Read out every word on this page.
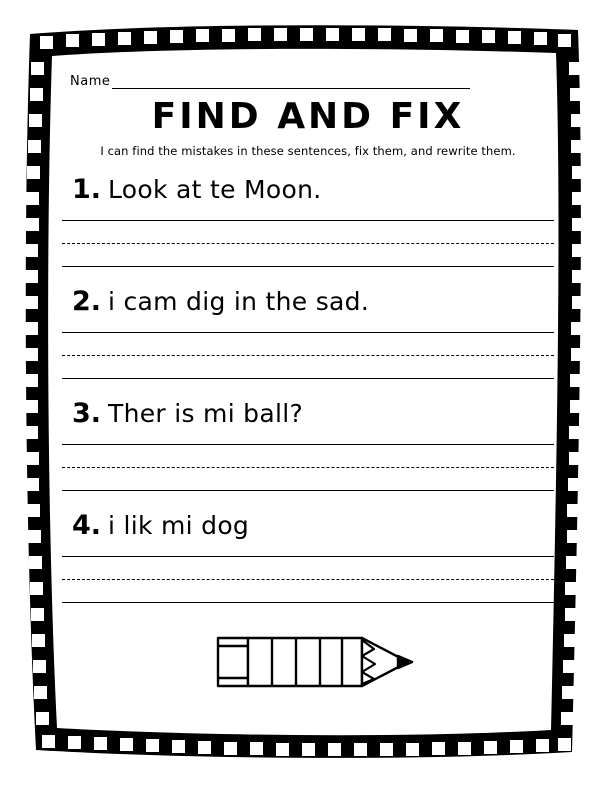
Name
FIND AND FIX
I can find the mistakes in these sentences, fix them, and rewrite them.
1. Look at te Moon.
2. i cam dig in the sad.
3. Ther is mi ball?
4. i lik mi dog
